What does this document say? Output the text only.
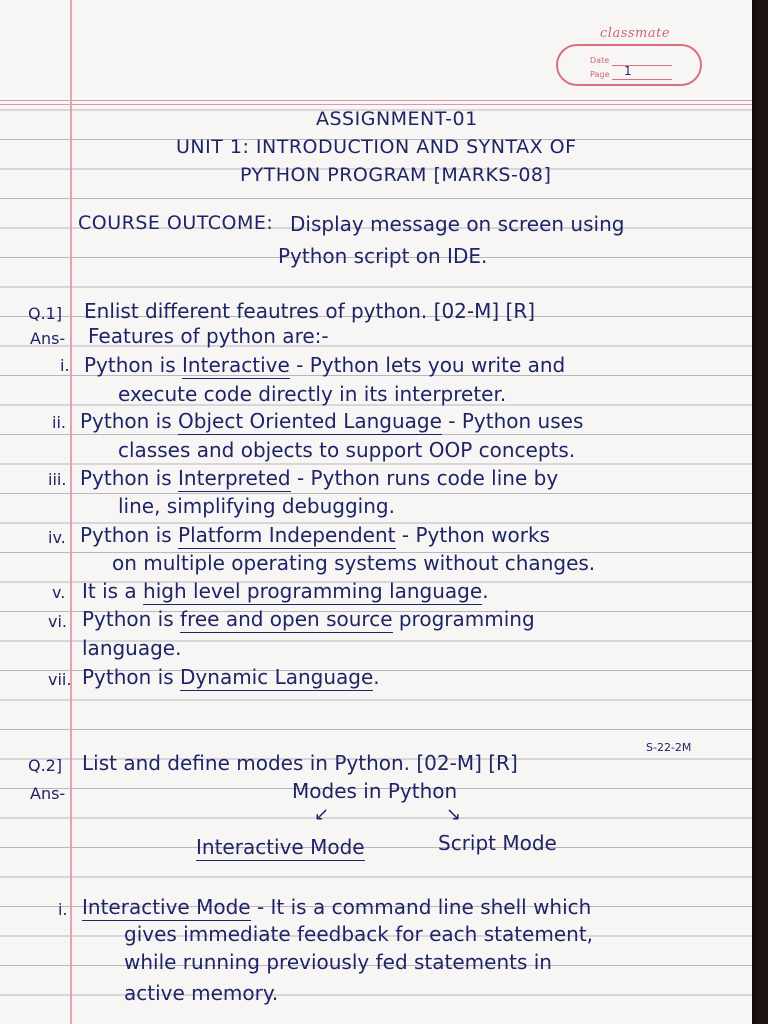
classmate
Date
Page 1
ASSIGNMENT-01
UNIT 1: INTRODUCTION AND SYNTAX OF
PYTHON PROGRAM [MARKS-08]
COURSE OUTCOME: Display message on screen using
Python script on IDE.
Q.1] Enlist different feautres of python. [02-M] [R]
Ans- Features of python are:-
i. Python is Interactive - Python lets you write and
execute code directly in its interpreter.
ii. Python is Object Oriented Language - Python uses
classes and objects to support OOP concepts.
iii. Python is Interpreted - Python runs code line by
line, simplifying debugging.
iv. Python is Platform Independent - Python works
on multiple operating systems without changes.
v. It is a high level programming language.
vi. Python is free and open source programming
language.
vii. Python is Dynamic Language.
Q.2] List and define modes in Python. [02-M] [R]
S-22-2M
Ans-	Modes in Python
↙	↘
Interactive Mode	Script Mode
i. Interactive Mode - It is a command line shell which
gives immediate feedback for each statement,
while running previously fed statements in
active memory.
